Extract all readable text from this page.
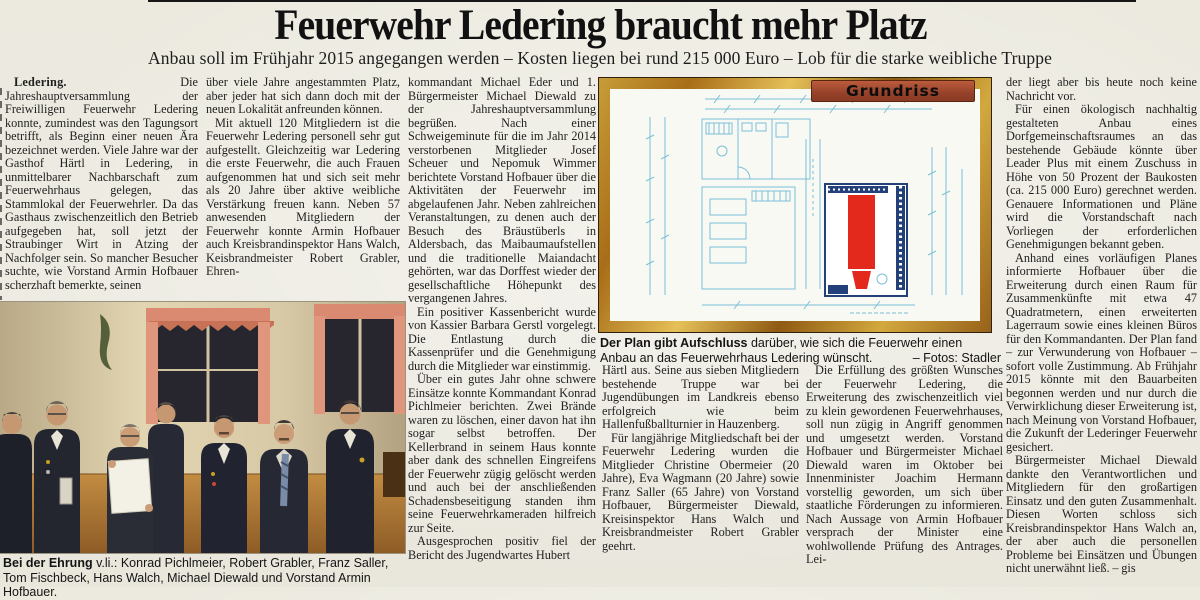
Feuerwehr Ledering braucht mehr Platz
Anbau soll im Frühjahr 2015 angegangen werden – Kosten liegen bei rund 215 000 Euro – Lob für die starke weibliche Truppe

Ledering. Die Jahreshauptversammlung der Freiwilligen Feuerwehr Ledering konnte, zumindest was den Tagungsort betrifft, als Beginn einer neuen Ära bezeichnet werden. Viele Jahre war der Gasthof Härtl in Ledering, in unmittelbarer Nachbarschaft zum Feuerwehrhaus gelegen, das Stammlokal der Feuerwehrler. Da das Gasthaus zwischenzeitlich den Betrieb aufgegeben hat, soll jetzt der Straubinger Wirt in Atzing der Nachfolger sein. So mancher Besucher suchte, wie Vorstand Armin Hofbauer scherzhaft bemerkte, seinen

über viele Jahre angestammten Platz, aber jeder hat sich dann doch mit der neuen Lokalität anfreunden können.

Mit aktuell 120 Mitgliedern ist die Feuerwehr Ledering personell sehr gut aufgestellt. Gleichzeitig war Ledering die erste Feuerwehr, die auch Frauen aufgenommen hat und sich seit mehr als 20 Jahre über aktive weibliche Verstärkung freuen kann. Neben 57 anwesenden Mitgliedern der Feuerwehr konnte Armin Hofbauer auch Kreisbrandinspektor Hans Walch, Keisbrandmeister Robert Grabler, Ehren-

kommandant Michael Eder und 1. Bürgermeister Michael Diewald zu der Jahreshauptversammlung begrüßen. Nach einer Schweigeminute für die im Jahr 2014 verstorbenen Mitglieder Josef Scheuer und Nepomuk Wimmer berichtete Vorstand Hofbauer über die Aktivitäten der Feuerwehr im abgelaufenen Jahr. Neben zahlreichen Veranstaltungen, zu denen auch der Besuch des Bräustüberls in Aldersbach, das Maibaumaufstellen und die traditionelle Maiandacht gehörten, war das Dorffest wieder der gesellschaftliche Höhepunkt des vergangenen Jahres.

Ein positiver Kassenbericht wurde von Kassier Barbara Gerstl vorgelegt. Die Entlastung durch die Kassenprüfer und die Genehmigung durch die Mitglieder war einstimmig.

Über ein gutes Jahr ohne schwere Einsätze konnte Kommandant Konrad Pichlmeier berichten. Zwei Brände waren zu löschen, einer davon hat ihn sogar selbst betroffen. Der Kellerbrand in seinem Haus konnte aber dank des schnellen Eingreifens der Feuerwehr zügig gelöscht werden und auch bei der anschließenden Schadensbeseitigung standen ihm seine Feuerwehrkameraden hilfreich zur Seite.

Ausgesprochen positiv fiel der Bericht des Jugendwartes Hubert

Härtl aus. Seine aus sieben Mitgliedern bestehende Truppe war bei Jugendübungen im Landkreis ebenso erfolgreich wie beim Hallenfußballturnier in Hauzenberg.

Für langjährige Mitgliedschaft bei der Feuerwehr Ledering wurden die Mitglieder Christine Obermeier (20 Jahre), Eva Wagmann (20 Jahre) sowie Franz Saller (65 Jahre) von Vorstand Hofbauer, Bürgermeister Diewald, Kreisinspektor Hans Walch und Kreisbrandmeister Robert Grabler geehrt.

Die Erfüllung des größten Wunsches der Feuerwehr Ledering, die Erweiterung des zwischenzeitlich viel zu klein gewordenen Feuerwehrhauses, soll nun zügig in Angriff genommen und umgesetzt werden. Vorstand Hofbauer und Bürgermeister Michael Diewald waren im Oktober bei Innenminister Joachim Hermann vorstellig geworden, um sich über staatliche Förderungen zu informieren. Nach Aussage von Armin Hofbauer versprach der Minister eine wohlwollende Prüfung des Antrages. Lei-

der liegt aber bis heute noch keine Nachricht vor.

Für einen ökologisch nachhaltig gestalteten Anbau eines Dorfgemeinschaftsraumes an das bestehende Gebäude könnte über Leader Plus mit einem Zuschuss in Höhe von 50 Prozent der Baukosten (ca. 215 000 Euro) gerechnet werden. Genauere Informationen und Pläne wird die Vorstandschaft nach Vorliegen der erforderlichen Genehmigungen bekannt geben.

Anhand eines vorläufigen Planes informierte Hofbauer über die Erweiterung durch einen Raum für Zusammenkünfte mit etwa 47 Quadratmetern, einen erweiterten Lagerraum sowie eines kleinen Büros für den Kommandanten. Der Plan fand – zur Verwunderung von Hofbauer – sofort volle Zustimmung. Ab Frühjahr 2015 könnte mit den Bauarbeiten begonnen werden und nur durch die Verwirklichung dieser Erweiterung ist, nach Meinung von Vorstand Hofbauer, die Zukunft der Lederinger Feuerwehr gesichert.

Bürgermeister Michael Diewald dankte den Verantwortlichen und Mitgliedern für den großartigen Einsatz und den guten Zusammenhalt. Diesen Worten schloss sich Kreisbrandinspektor Hans Walch an, der aber auch die personellen Probleme bei Einsätzen und Übungen nicht unerwähnt ließ. – gis

Bei der Ehrung v.li.: Konrad Pichlmeier, Robert Grabler, Franz Saller, Tom Fischbeck, Hans Walch, Michael Diewald und Vorstand Armin Hofbauer.

Grundriss

Der Plan gibt Aufschluss darüber, wie sich die Feuerwehr einen Anbau an das Feuerwehrhaus Ledering wünscht.	– Fotos: Stadler
